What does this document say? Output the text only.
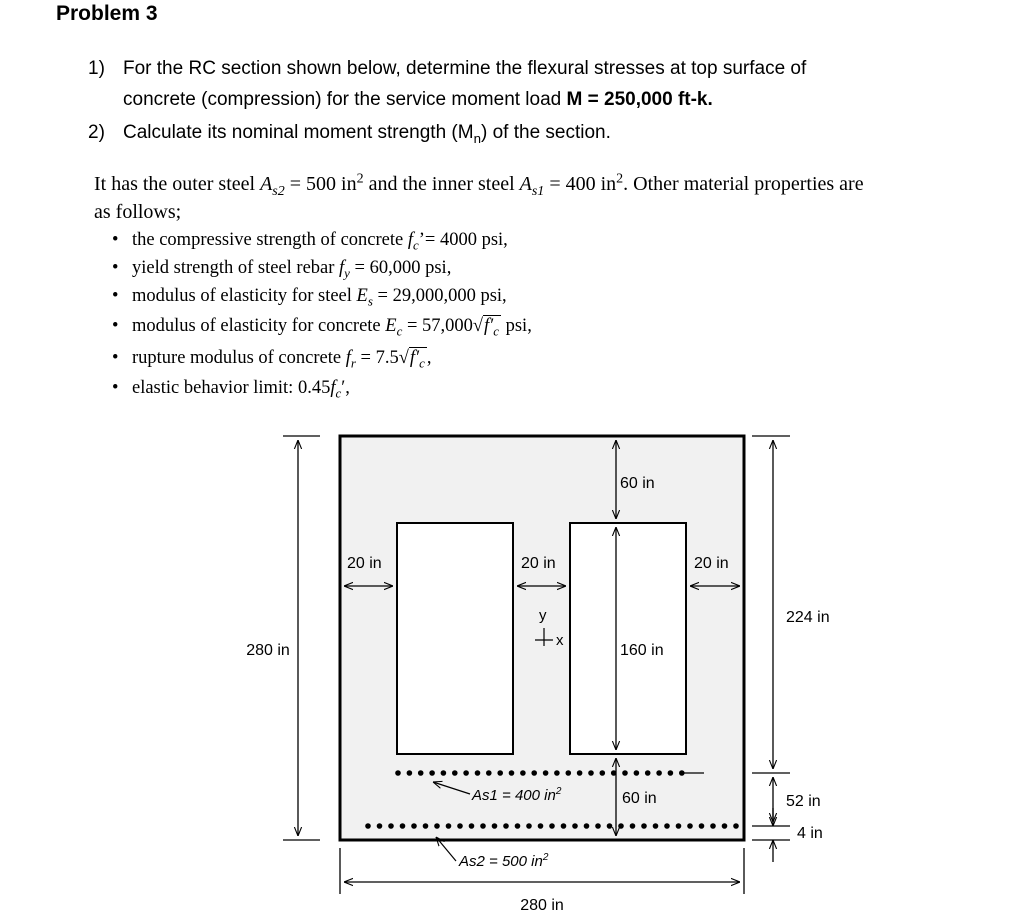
Problem 3
1) For the RC section shown below, determine the flexural stresses at top surface of
concrete (compression) for the service moment load M = 250,000 ft-k.
2) Calculate its nominal moment strength $(M_n)$ of the section.
It has the outer steel $A_{s2} = 500$ $in^2$ and the inner steel $A_{s1} = 400$ $in^2$. Other material properties are
as follows;
• the compressive strength of concrete $f_c’= 4000$ psi,
• yield strength of steel rebar $f_y = 60,000$ psi,
• modulus of elasticity for steel $E_s = 29,000,000$ psi,
• modulus of elasticity for concrete $E_c = 57,000√f'_c$ psi,
• rupture modulus of concrete $f_r = 7.5√f'_c$ ,
• elastic behavior limit: $0.45f_c'$,
280 in
280 in
60 in
160 in
60 in
20 in	20 in	20 in
y
x
224 in
52 in
4 in
As1 = 400 $in^2$
As2 = 500 $in^2$
